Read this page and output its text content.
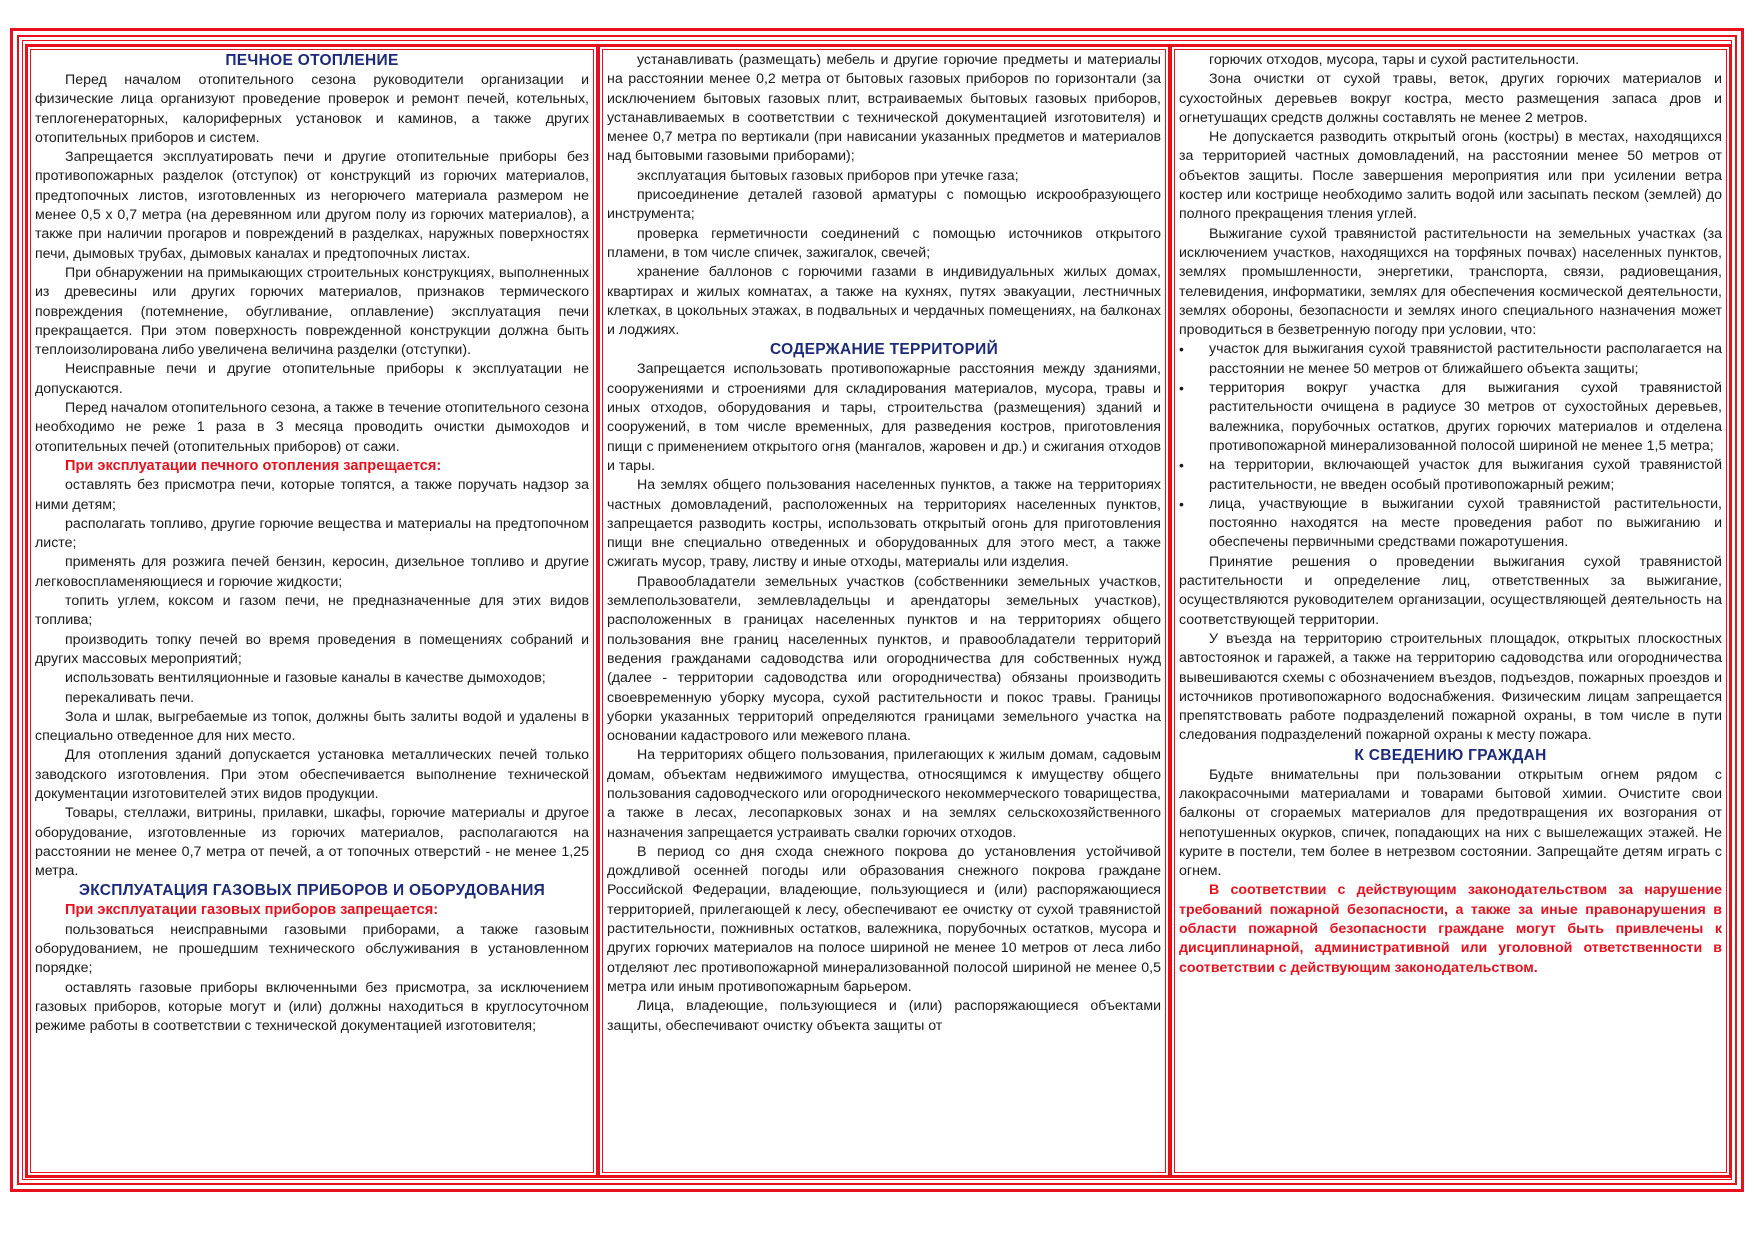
ПЕЧНОЕ ОТОПЛЕНИЕ

Перед началом отопительного сезона руководители организации и физические лица организуют проведение проверок и ремонт печей, котельных, теплогенераторных, калориферных установок и каминов, а также других отопительных приборов и систем.

Запрещается эксплуатировать печи и другие отопительные приборы без противопожарных разделок (отступок) от конструкций из горючих материалов, предтопочных листов, изготовленных из негорючего материала размером не менее 0,5 х 0,7 метра (на деревянном или другом полу из горючих материалов), а также при наличии прогаров и повреждений в разделках, наружных поверхностях печи, дымовых трубах, дымовых каналах и предтопочных листах.

При обнаружении на примыкающих строительных конструкциях, выполненных из древесины или других горючих материалов, признаков термического повреждения (потемнение, обугливание, оплавление) эксплуатация печи прекращается. При этом поверхность поврежденной конструкции должна быть теплоизолирована либо увеличена величина разделки (отступки).

Неисправные печи и другие отопительные приборы к эксплуатации не допускаются.

Перед началом отопительного сезона, а также в течение отопительного сезона необходимо не реже 1 раза в 3 месяца проводить очистки дымоходов и отопительных печей (отопительных приборов) от сажи.

При эксплуатации печного отопления запрещается:

оставлять без присмотра печи, которые топятся, а также поручать надзор за ними детям;

располагать топливо, другие горючие вещества и материалы на предтопочном листе;

применять для розжига печей бензин, керосин, дизельное топливо и другие легковоспламеняющиеся и горючие жидкости;

топить углем, коксом и газом печи, не предназначенные для этих видов топлива;

производить топку печей во время проведения в помещениях собраний и других массовых мероприятий;

использовать вентиляционные и газовые каналы в качестве дымоходов;

перекаливать печи.

Зола и шлак, выгребаемые из топок, должны быть залиты водой и удалены в специально отведенное для них место.

Для отопления зданий допускается установка металлических печей только заводского изготовления. При этом обеспечивается выполнение технической документации изготовителей этих видов продукции.

Товары, стеллажи, витрины, прилавки, шкафы, горючие материалы и другое оборудование, изготовленные из горючих материалов, располагаются на расстоянии не менее 0,7 метра от печей, а от топочных отверстий - не менее 1,25 метра.

ЭКСПЛУАТАЦИЯ ГАЗОВЫХ ПРИБОРОВ И ОБОРУДОВАНИЯ
При эксплуатации газовых приборов запрещается:

пользоваться неисправными газовыми приборами, а также газовым оборудованием, не прошедшим технического обслуживания в установленном порядке;

оставлять газовые приборы включенными без присмотра, за исключением газовых приборов, которые могут и (или) должны находиться в круглосуточном режиме работы в соответствии с технической документацией изготовителя;

устанавливать (размещать) мебель и другие горючие предметы и материалы на расстоянии менее 0,2 метра от бытовых газовых приборов по горизонтали (за исключением бытовых газовых плит, встраиваемых бытовых газовых приборов, устанавливаемых в соответствии с технической документацией изготовителя) и менее 0,7 метра по вертикали (при нависании указанных предметов и материалов над бытовыми газовыми приборами);

эксплуатация бытовых газовых приборов при утечке газа;

присоединение деталей газовой арматуры с помощью искрообразующего инструмента;

проверка герметичности соединений с помощью источников открытого пламени, в том числе спичек, зажигалок, свечей;

хранение баллонов с горючими газами в индивидуальных жилых домах, квартирах и жилых комнатах, а также на кухнях, путях эвакуации, лестничных клетках, в цокольных этажах, в подвальных и чердачных помещениях, на балконах и лоджиях.

СОДЕРЖАНИЕ ТЕРРИТОРИЙ

Запрещается использовать противопожарные расстояния между зданиями, сооружениями и строениями для складирования материалов, мусора, травы и иных отходов, оборудования и тары, строительства (размещения) зданий и сооружений, в том числе временных, для разведения костров, приготовления пищи с применением открытого огня (мангалов, жаровен и др.) и сжигания отходов и тары.

На землях общего пользования населенных пунктов, а также на территориях частных домовладений, расположенных на территориях населенных пунктов, запрещается разводить костры, использовать открытый огонь для приготовления пищи вне специально отведенных и оборудованных для этого мест, а также сжигать мусор, траву, листву и иные отходы, материалы или изделия.

Правообладатели земельных участков (собственники земельных участков, землепользователи, землевладельцы и арендаторы земельных участков), расположенных в границах населенных пунктов и на территориях общего пользования вне границ населенных пунктов, и правообладатели территорий ведения гражданами садоводства или огородничества для собственных нужд (далее - территории садоводства или огородничества) обязаны производить своевременную уборку мусора, сухой растительности и покос травы. Границы уборки указанных территорий определяются границами земельного участка на основании кадастрового или межевого плана.

На территориях общего пользования, прилегающих к жилым домам, садовым домам, объектам недвижимого имущества, относящимся к имуществу общего пользования садоводческого или огороднического некоммерческого товарищества, а также в лесах, лесопарковых зонах и на землях сельскохозяйственного назначения запрещается устраивать свалки горючих отходов.

В период со дня схода снежного покрова до установления устойчивой дождливой осенней погоды или образования снежного покрова граждане Российской Федерации, владеющие, пользующиеся и (или) распоряжающиеся территорией, прилегающей к лесу, обеспечивают ее очистку от сухой травянистой растительности, пожнивных остатков, валежника, порубочных остатков, мусора и других горючих материалов на полосе шириной не менее 10 метров от леса либо отделяют лес противопожарной минерализованной полосой шириной не менее 0,5 метра или иным противопожарным барьером.

Лица, владеющие, пользующиеся и (или) распоряжающиеся объектами защиты, обеспечивают очистку объекта защиты от

горючих отходов, мусора, тары и сухой растительности.

Зона очистки от сухой травы, веток, других горючих материалов и сухостойных деревьев вокруг костра, место размещения запаса дров и огнетушащих средств должны составлять не менее 2 метров.

Не допускается разводить открытый огонь (костры) в местах, находящихся за территорией частных домовладений, на расстоянии менее 50 метров от объектов защиты. После завершения мероприятия или при усилении ветра костер или кострище необходимо залить водой или засыпать песком (землей) до полного прекращения тления углей.

Выжигание сухой травянистой растительности на земельных участках (за исключением участков, находящихся на торфяных почвах) населенных пунктов, землях промышленности, энергетики, транспорта, связи, радиовещания, телевидения, информатики, землях для обеспечения космической деятельности, землях обороны, безопасности и землях иного специального назначения может проводиться в безветренную погоду при условии, что:

• участок для выжигания сухой травянистой растительности располагается на расстоянии не менее 50 метров от ближайшего объекта защиты;
• территория вокруг участка для выжигания сухой травянистой растительности очищена в радиусе 30 метров от сухостойных деревьев, валежника, порубочных остатков, других горючих материалов и отделена противопожарной минерализованной полосой шириной не менее 1,5 метра;
• на территории, включающей участок для выжигания сухой травянистой растительности, не введен особый противопожарный режим;
• лица, участвующие в выжигании сухой травянистой растительности, постоянно находятся на месте проведения работ по выжиганию и обеспечены первичными средствами пожаротушения.

Принятие решения о проведении выжигания сухой травянистой растительности и определение лиц, ответственных за выжигание, осуществляются руководителем организации, осуществляющей деятельность на соответствующей территории.

У въезда на территорию строительных площадок, открытых плоскостных автостоянок и гаражей, а также на территорию садоводства или огородничества вывешиваются схемы с обозначением въездов, подъездов, пожарных проездов и источников противопожарного водоснабжения. Физическим лицам запрещается препятствовать работе подразделений пожарной охраны, в том числе в пути следования подразделений пожарной охраны к месту пожара.

К СВЕДЕНИЮ ГРАЖДАН

Будьте внимательны при пользовании открытым огнем рядом с лакокрасочными материалами и товарами бытовой химии. Очистите свои балконы от сгораемых материалов для предотвращения их возгорания от непотушенных окурков, спичек, попадающих на них с вышележащих этажей. Не курите в постели, тем более в нетрезвом состоянии. Запрещайте детям играть с огнем.

В соответствии с действующим законодательством за нарушение требований пожарной безопасности, а также за иные правонарушения в области пожарной безопасности граждане могут быть привлечены к дисциплинарной, административной или уголовной ответственности в соответствии с действующим законодательством.
